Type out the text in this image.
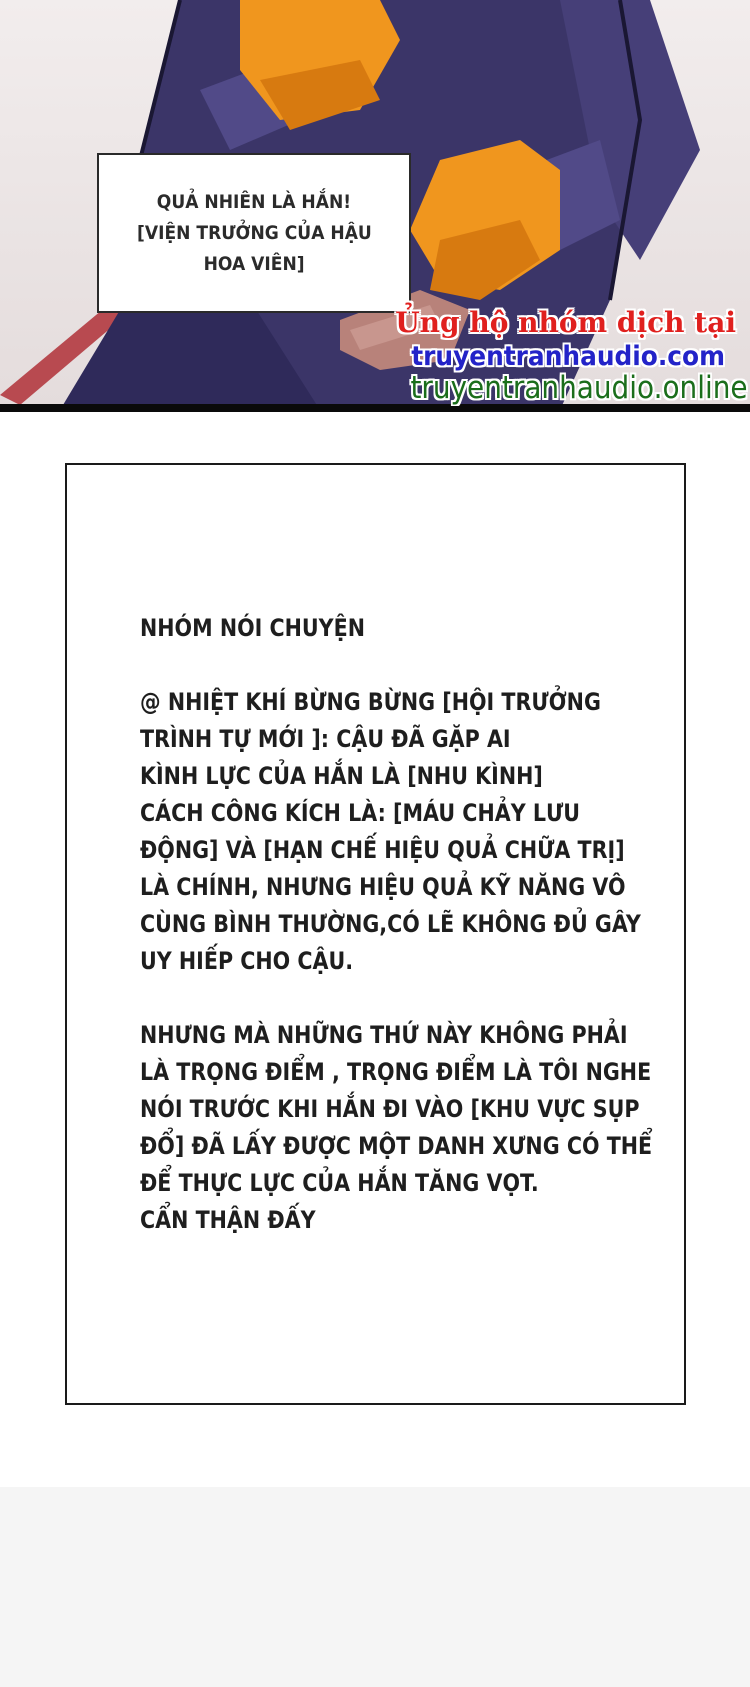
QUẢ NHIÊN LÀ HẮN!
[VIỆN TRƯỞNG CỦA HẬU
HOA VIÊN]
Ủng hộ nhóm dịch tại
truyentranhaudio.com
truyentranhaudio.online
NHÓM NÓI CHUYỆN
@ NHIỆT KHÍ BỪNG BỪNG [HỘI TRƯỞNG
TRÌNH TỰ MỚI ]: CẬU ĐÃ GẶP AI
KÌNH LỰC CỦA HẮN LÀ [NHU KÌNH]
CÁCH CÔNG KÍCH LÀ: [MÁU CHẢY LƯU
ĐỘNG] VÀ [HẠN CHẾ HIỆU QUẢ CHỮA TRỊ]
LÀ CHÍNH, NHƯNG HIỆU QUẢ KỸ NĂNG VÔ
CÙNG BÌNH THƯỜNG,CÓ LẼ KHÔNG ĐỦ GÂY
UY HIẾP CHO CẬU.
NHƯNG MÀ NHỮNG THỨ NÀY KHÔNG PHẢI
LÀ TRỌNG ĐIỂM , TRỌNG ĐIỂM LÀ TÔI NGHE
NÓI TRƯỚC KHI HẮN ĐI VÀO [KHU VỰC SỤP
ĐỔ] ĐÃ LẤY ĐƯỢC MỘT DANH XƯNG CÓ THỂ
ĐỂ THỰC LỰC CỦA HẮN TĂNG VỌT.
CẨN THẬN ĐẤY
